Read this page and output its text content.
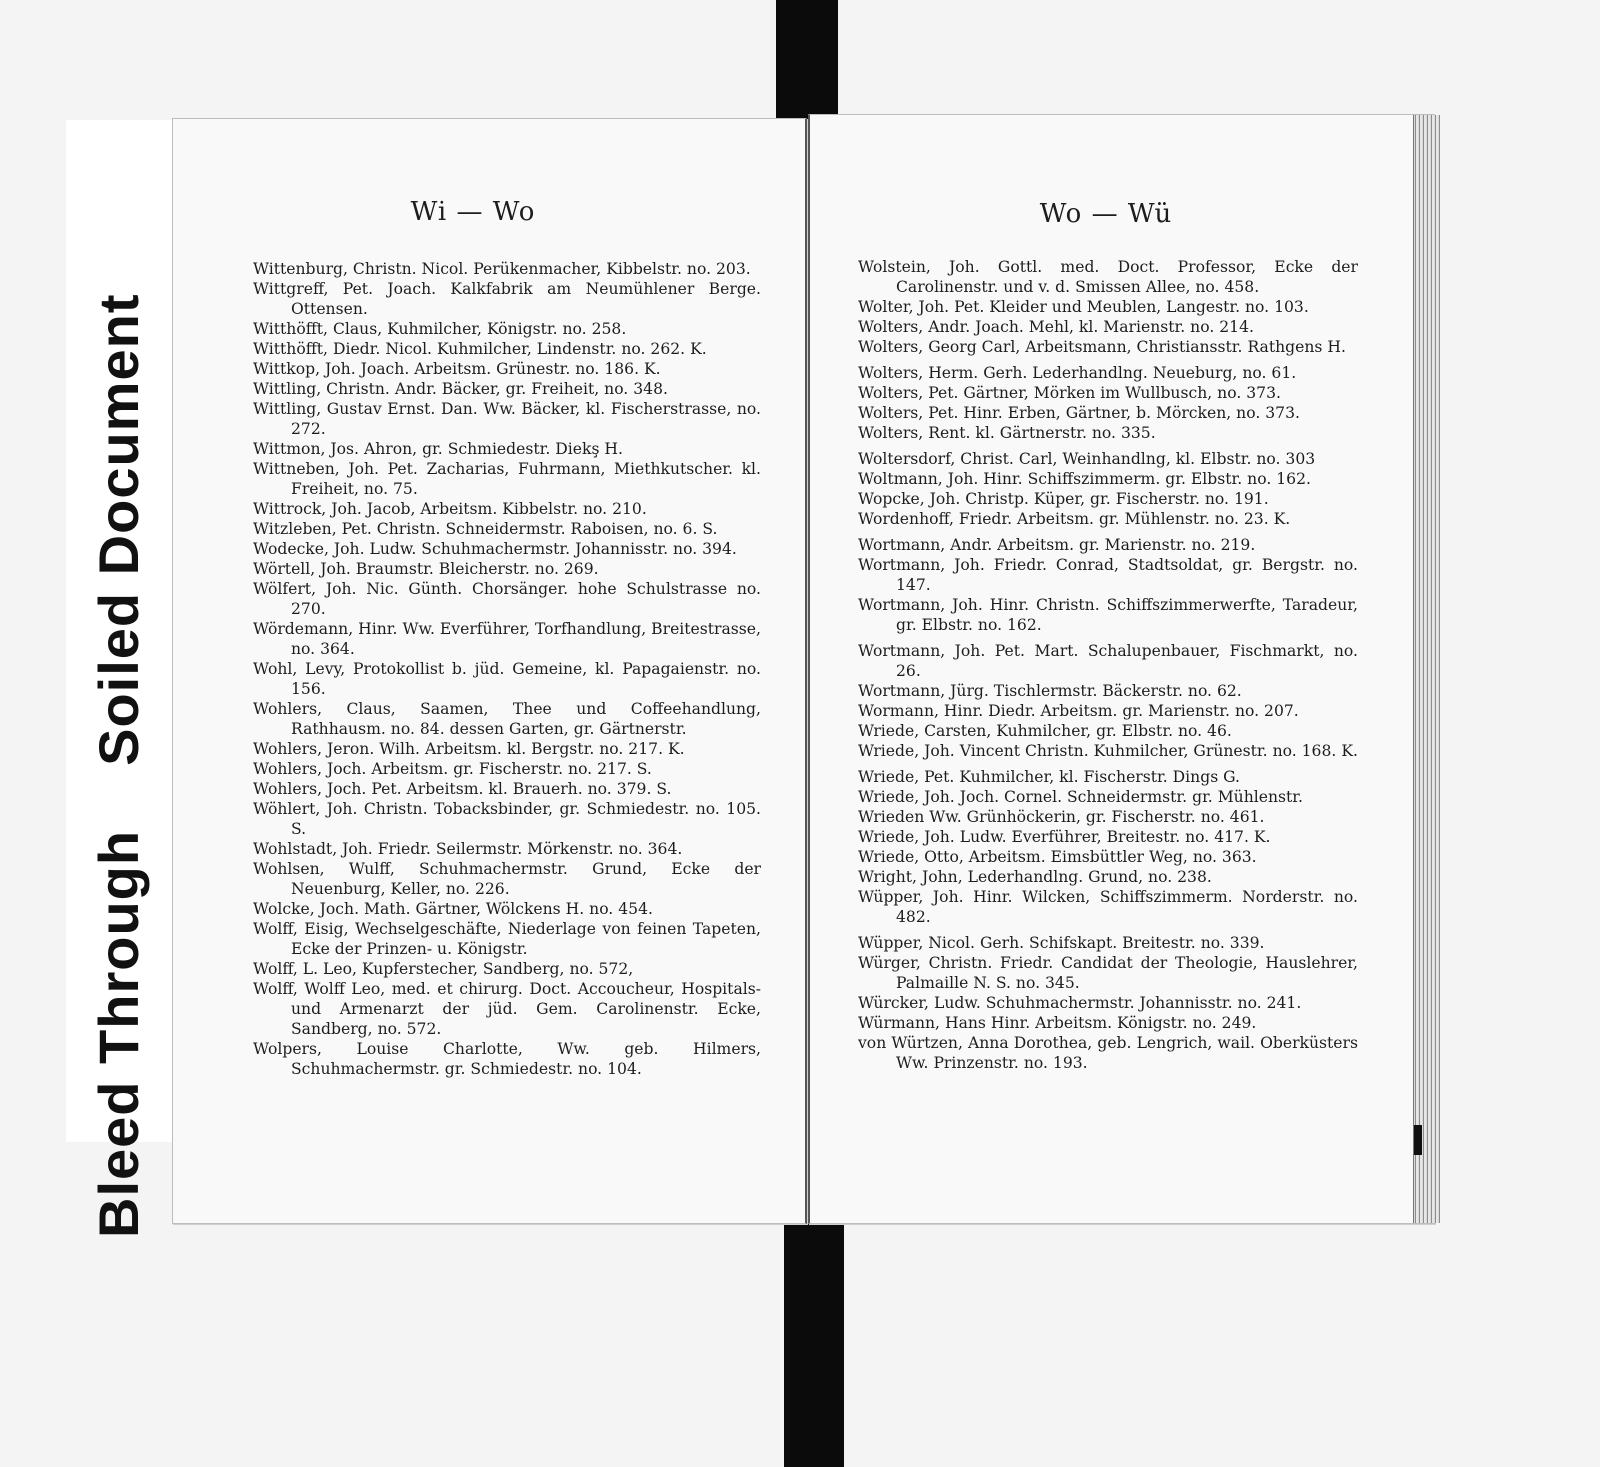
Bleed ThroughSoiled Document
Wi — Wo
Wittenburg, Christn. Nicol. Perükenmacher, Kibbelstr. no. 203.
Wittgreff, Pet. Joach. Kalkfabrik am Neumühlener Berge. Ottensen.
Witthöfft, Claus, Kuhmilcher, Königstr. no. 258.
Witthöfft, Diedr. Nicol. Kuhmilcher, Lindenstr. no. 262. K.
Wittkop, Joh. Joach. Arbeitsm. Grünestr. no. 186. K.
Wittling, Christn. Andr. Bäcker, gr. Freiheit, no. 348.
Wittling, Gustav Ernst. Dan. Ww. Bäcker, kl. Fischerstrasse, no. 272.
Wittmon, Jos. Ahron, gr. Schmiedestr. Diekş H.
Wittneben, Joh. Pet. Zacharias, Fuhrmann, Miethkutscher. kl. Freiheit, no. 75.
Wittrock, Joh. Jacob, Arbeitsm. Kibbelstr. no. 210.
Witzleben, Pet. Christn. Schneidermstr. Raboisen, no. 6. S.
Wodecke, Joh. Ludw. Schuhmachermstr. Johannisstr. no. 394.
Wörtell, Joh. Braumstr. Bleicherstr. no. 269.
Wölfert, Joh. Nic. Günth. Chorsänger. hohe Schulstrasse no. 270.
Wördemann, Hinr. Ww. Everführer, Torfhandlung, Breitestrasse, no. 364.
Wohl, Levy, Protokollist b. jüd. Gemeine, kl. Papagaienstr. no. 156.
Wohlers, Claus, Saamen, Thee und Coffeehandlung, Rathhausm. no. 84. dessen Garten, gr. Gärtnerstr.
Wohlers, Jeron. Wilh. Arbeitsm. kl. Bergstr. no. 217. K.
Wohlers, Joch. Arbeitsm. gr. Fischerstr. no. 217. S.
Wohlers, Joch. Pet. Arbeitsm. kl. Brauerh. no. 379. S.
Wöhlert, Joh. Christn. Tobacksbinder, gr. Schmiedestr. no. 105. S.
Wohlstadt, Joh. Friedr. Seilermstr. Mörkenstr. no. 364.
Wohlsen, Wulff, Schuhmachermstr. Grund, Ecke der Neuenburg, Keller, no. 226.
Wolcke, Joch. Math. Gärtner, Wölckens H. no. 454.
Wolff, Eisig, Wechselgeschäfte, Niederlage von feinen Tapeten, Ecke der Prinzen- u. Königstr.
Wolff, L. Leo, Kupferstecher, Sandberg, no. 572,
Wolff, Wolff Leo, med. et chirurg. Doct. Accoucheur, Hospitals- und Armenarzt der jüd. Gem. Carolinenstr. Ecke, Sandberg, no. 572.
Wolpers, Louise Charlotte, Ww. geb. Hilmers, Schuhmachermstr. gr. Schmiedestr. no. 104.
Wo — Wü
Wolstein, Joh. Gottl. med. Doct. Professor, Ecke der Carolinenstr. und v. d. Smissen Allee, no. 458.
Wolter, Joh. Pet. Kleider und Meublen, Langestr. no. 103.
Wolters, Andr. Joach. Mehl, kl. Marienstr. no. 214.
Wolters, Georg Carl, Arbeitsmann, Christiansstr. Rathgens H.
Wolters, Herm. Gerh. Lederhandlng. Neueburg, no. 61.
Wolters, Pet. Gärtner, Mörken im Wullbusch, no. 373.
Wolters, Pet. Hinr. Erben, Gärtner, b. Mörcken, no. 373.
Wolters, Rent. kl. Gärtnerstr. no. 335.
Woltersdorf, Christ. Carl, Weinhandlng, kl. Elbstr. no. 303
Woltmann, Joh. Hinr. Schiffszimmerm. gr. Elbstr. no. 162.
Wopcke, Joh. Christp. Küper, gr. Fischerstr. no. 191.
Wordenhoff, Friedr. Arbeitsm. gr. Mühlenstr. no. 23. K.
Wortmann, Andr. Arbeitsm. gr. Marienstr. no. 219.
Wortmann, Joh. Friedr. Conrad, Stadtsoldat, gr. Bergstr. no. 147.
Wortmann, Joh. Hinr. Christn. Schiffszimmerwerfte, Taradeur, gr. Elbstr. no. 162.
Wortmann, Joh. Pet. Mart. Schalupenbauer, Fischmarkt, no. 26.
Wortmann, Jürg. Tischlermstr. Bäckerstr. no. 62.
Wormann, Hinr. Diedr. Arbeitsm. gr. Marienstr. no. 207.
Wriede, Carsten, Kuhmilcher, gr. Elbstr. no. 46.
Wriede, Joh. Vincent Christn. Kuhmilcher, Grünestr. no. 168. K.
Wriede, Pet. Kuhmilcher, kl. Fischerstr. Dings G.
Wriede, Joh. Joch. Cornel. Schneidermstr. gr. Mühlenstr.
Wrieden Ww. Grünhöckerin, gr. Fischerstr. no. 461.
Wriede, Joh. Ludw. Everführer, Breitestr. no. 417. K.
Wriede, Otto, Arbeitsm. Eimsbüttler Weg, no. 363.
Wright, John, Lederhandlng. Grund, no. 238.
Wüpper, Joh. Hinr. Wilcken, Schiffszimmerm. Norderstr. no. 482.
Wüpper, Nicol. Gerh. Schifskapt. Breitestr. no. 339.
Würger, Christn. Friedr. Candidat der Theologie, Hauslehrer, Palmaille N. S. no. 345.
Würcker, Ludw. Schuhmachermstr. Johannisstr. no. 241.
Würmann, Hans Hinr. Arbeitsm. Königstr. no. 249.
von Würtzen, Anna Dorothea, geb. Lengrich, wail. Oberküsters Ww. Prinzenstr. no. 193.
